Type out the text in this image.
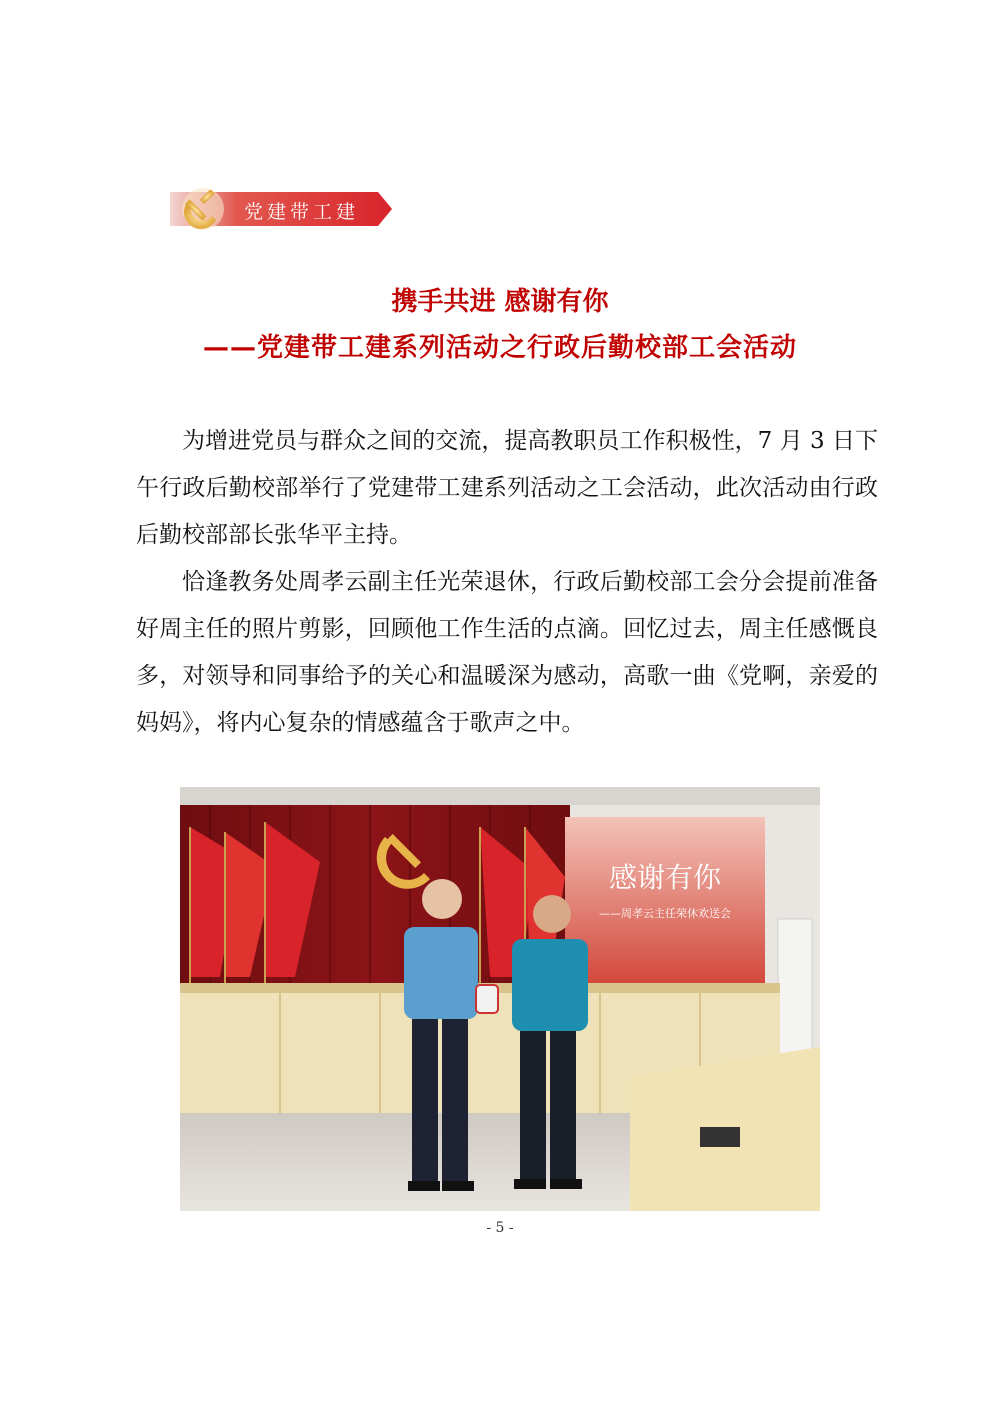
党建带工建
携手共进 感谢有你
——党建带工建系列活动之行政后勤校部工会活动

为增进党员与群众之间的交流，提高教职员工作积极性，7 月 3 日下午行政后勤校部举行了党建带工建系列活动之工会活动，此次活动由行政后勤校部部长张华平主持。

恰逢教务处周孝云副主任光荣退休，行政后勤校部工会分会提前准备好周主任的照片剪影，回顾他工作生活的点滴。回忆过去，周主任感慨良多，对领导和同事给予的关心和温暖深为感动，高歌一曲《党啊，亲爱的妈妈》，将内心复杂的情感蕴含于歌声之中。

感谢有你
——周孝云主任荣休欢送会
- 5 -
